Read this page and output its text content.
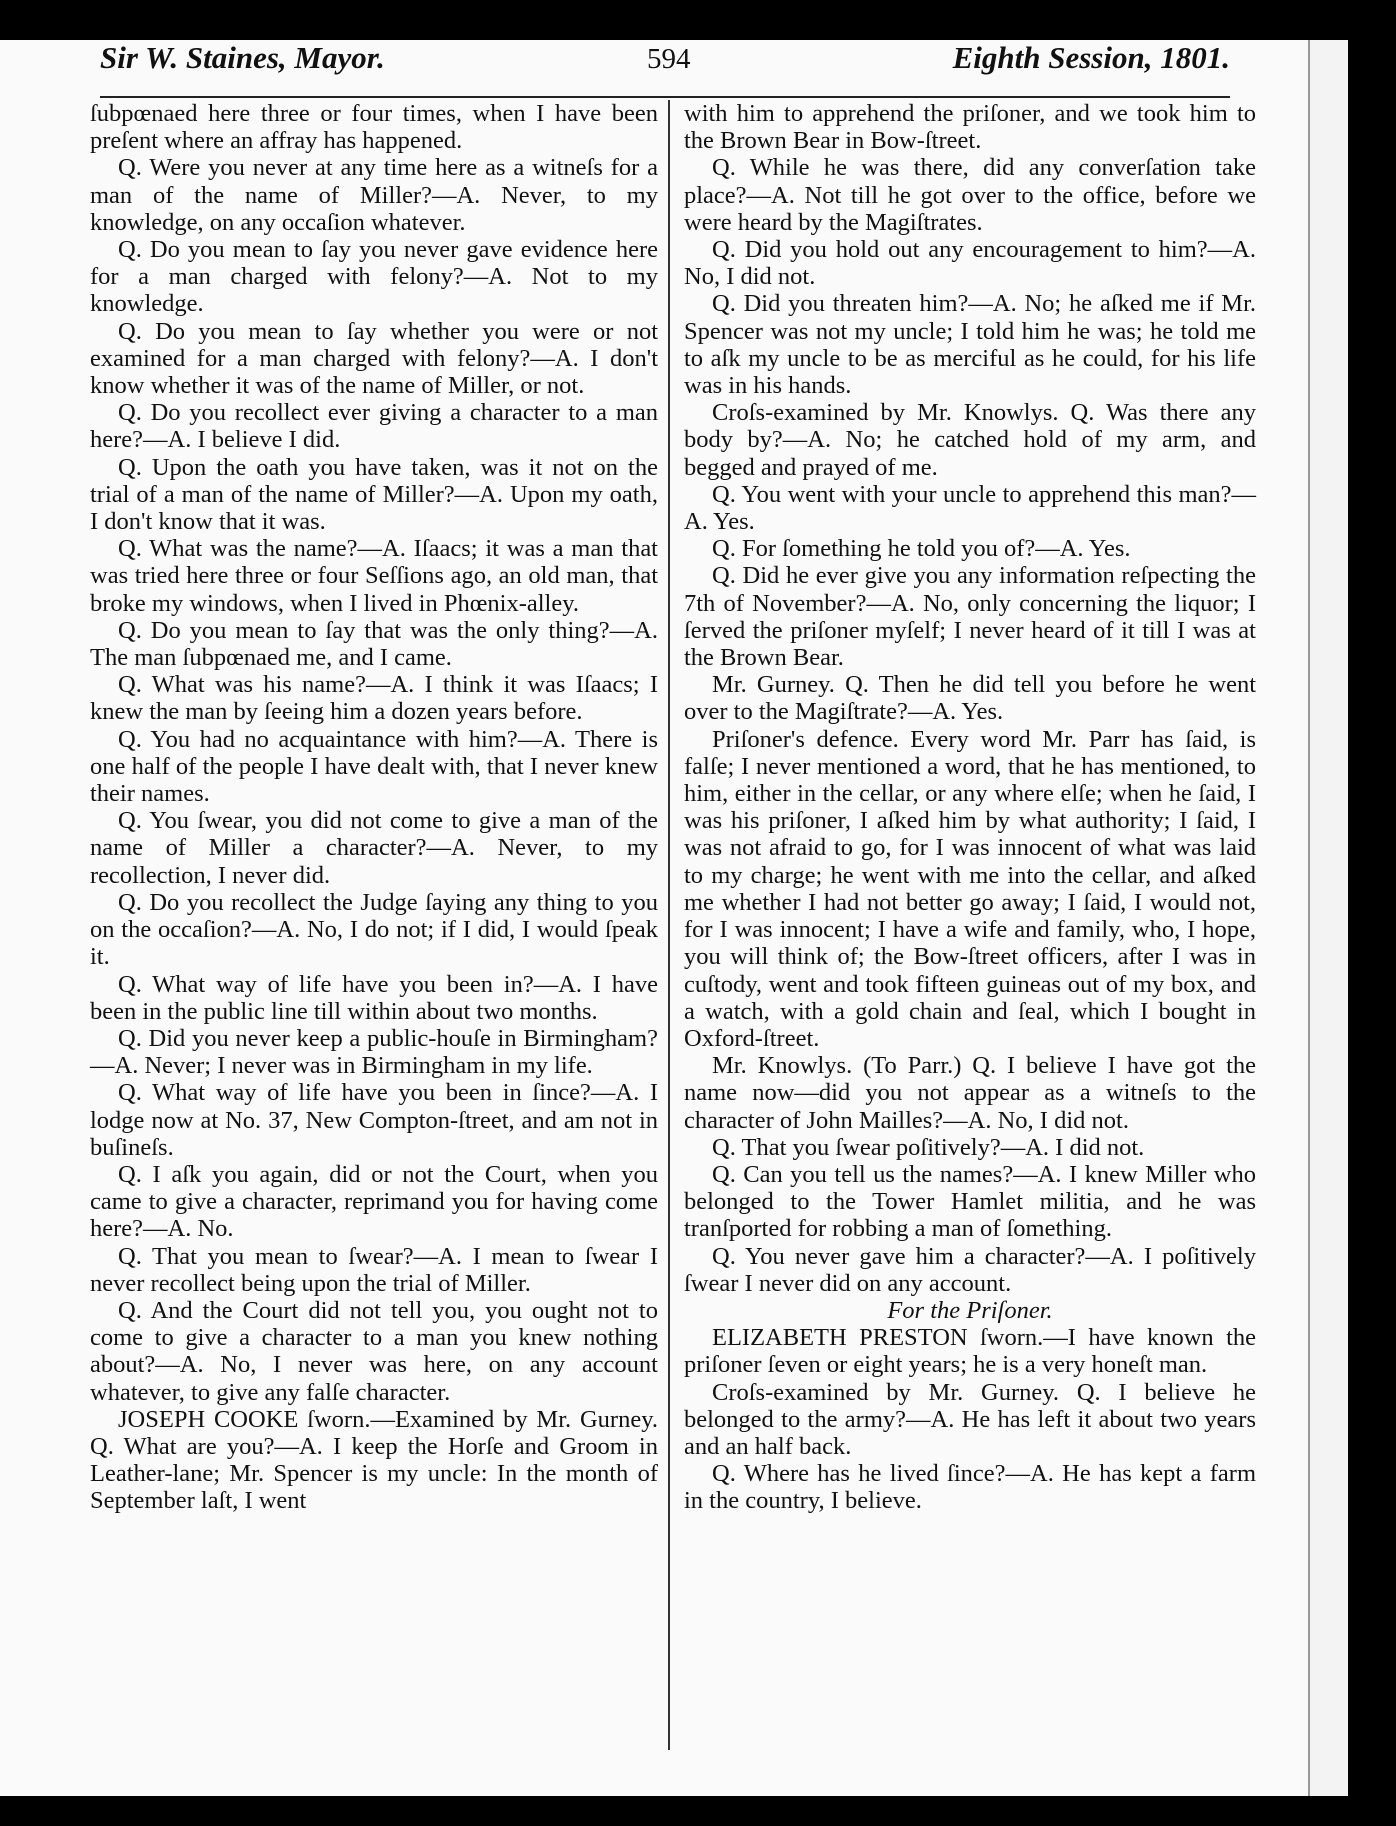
Sir W. Staines, Mayor.	594	Eighth Session, 1801.

ſubpœnaed here three or four times, when I have been preſent where an affray has happened.

Q. Were you never at any time here as a witneſs for a man of the name of Miller?—A. Never, to my knowledge, on any occaſion whatever.

Q. Do you mean to ſay you never gave evidence here for a man charged with felony?—A. Not to my knowledge.

Q. Do you mean to ſay whether you were or not examined for a man charged with felony?—A. I don't know whether it was of the name of Miller, or not.

Q. Do you recollect ever giving a character to a man here?—A. I believe I did.

Q. Upon the oath you have taken, was it not on the trial of a man of the name of Miller?—A. Upon my oath, I don't know that it was.

Q. What was the name?—A. Iſaacs; it was a man that was tried here three or four Seſſions ago, an old man, that broke my windows, when I lived in Phœnix-alley.

Q. Do you mean to ſay that was the only thing?—A. The man ſubpœnaed me, and I came.

Q. What was his name?—A. I think it was Iſaacs; I knew the man by ſeeing him a dozen years before.

Q. You had no acquaintance with him?—A. There is one half of the people I have dealt with, that I never knew their names.

Q. You ſwear, you did not come to give a man of the name of Miller a character?—A. Never, to my recollection, I never did.

Q. Do you recollect the Judge ſaying any thing to you on the occaſion?—A. No, I do not; if I did, I would ſpeak it.

Q. What way of life have you been in?—A. I have been in the public line till within about two months.

Q. Did you never keep a public-houſe in Birmingham?—A. Never; I never was in Birmingham in my life.

Q. What way of life have you been in ſince?—A. I lodge now at No. 37, New Compton-ſtreet, and am not in buſineſs.

Q. I aſk you again, did or not the Court, when you came to give a character, reprimand you for having come here?—A. No.

Q. That you mean to ſwear?—A. I mean to ſwear I never recollect being upon the trial of Miller.

Q. And the Court did not tell you, you ought not to come to give a character to a man you knew nothing about?—A. No, I never was here, on any account whatever, to give any falſe character.

JOSEPH COOKE ſworn.—Examined by Mr. Gurney. Q. What are you?—A. I keep the Horſe and Groom in Leather-lane; Mr. Spencer is my uncle: In the month of September laſt, I went

with him to apprehend the priſoner, and we took him to the Brown Bear in Bow-ſtreet.

Q. While he was there, did any converſation take place?—A. Not till he got over to the office, before we were heard by the Magiſtrates.

Q. Did you hold out any encouragement to him?—A. No, I did not.

Q. Did you threaten him?—A. No; he aſked me if Mr. Spencer was not my uncle; I told him he was; he told me to aſk my uncle to be as merciful as he could, for his life was in his hands.

Croſs-examined by Mr. Knowlys. Q. Was there any body by?—A. No; he catched hold of my arm, and begged and prayed of me.

Q. You went with your uncle to apprehend this man?—A. Yes.

Q. For ſomething he told you of?—A. Yes.

Q. Did he ever give you any information reſpecting the 7th of November?—A. No, only concerning the liquor; I ſerved the priſoner myſelf; I never heard of it till I was at the Brown Bear.

Mr. Gurney. Q. Then he did tell you before he went over to the Magiſtrate?—A. Yes.

Priſoner's defence. Every word Mr. Parr has ſaid, is falſe; I never mentioned a word, that he has mentioned, to him, either in the cellar, or any where elſe; when he ſaid, I was his priſoner, I aſked him by what authority; I ſaid, I was not afraid to go, for I was innocent of what was laid to my charge; he went with me into the cellar, and aſked me whether I had not better go away; I ſaid, I would not, for I was innocent; I have a wife and family, who, I hope, you will think of; the Bow-ſtreet officers, after I was in cuſtody, went and took fifteen guineas out of my box, and a watch, with a gold chain and ſeal, which I bought in Oxford-ſtreet.

Mr. Knowlys. (To Parr.) Q. I believe I have got the name now—did you not appear as a witneſs to the character of John Mailles?—A. No, I did not.

Q. That you ſwear poſitively?—A. I did not.

Q. Can you tell us the names?—A. I knew Miller who belonged to the Tower Hamlet militia, and he was tranſported for robbing a man of ſomething.

Q. You never gave him a character?—A. I poſitively ſwear I never did on any account.

For the Priſoner.

ELIZABETH PRESTON ſworn.—I have known the priſoner ſeven or eight years; he is a very honeſt man.

Croſs-examined by Mr. Gurney. Q. I believe he belonged to the army?—A. He has left it about two years and an half back.

Q. Where has he lived ſince?—A. He has kept a farm in the country, I believe.
